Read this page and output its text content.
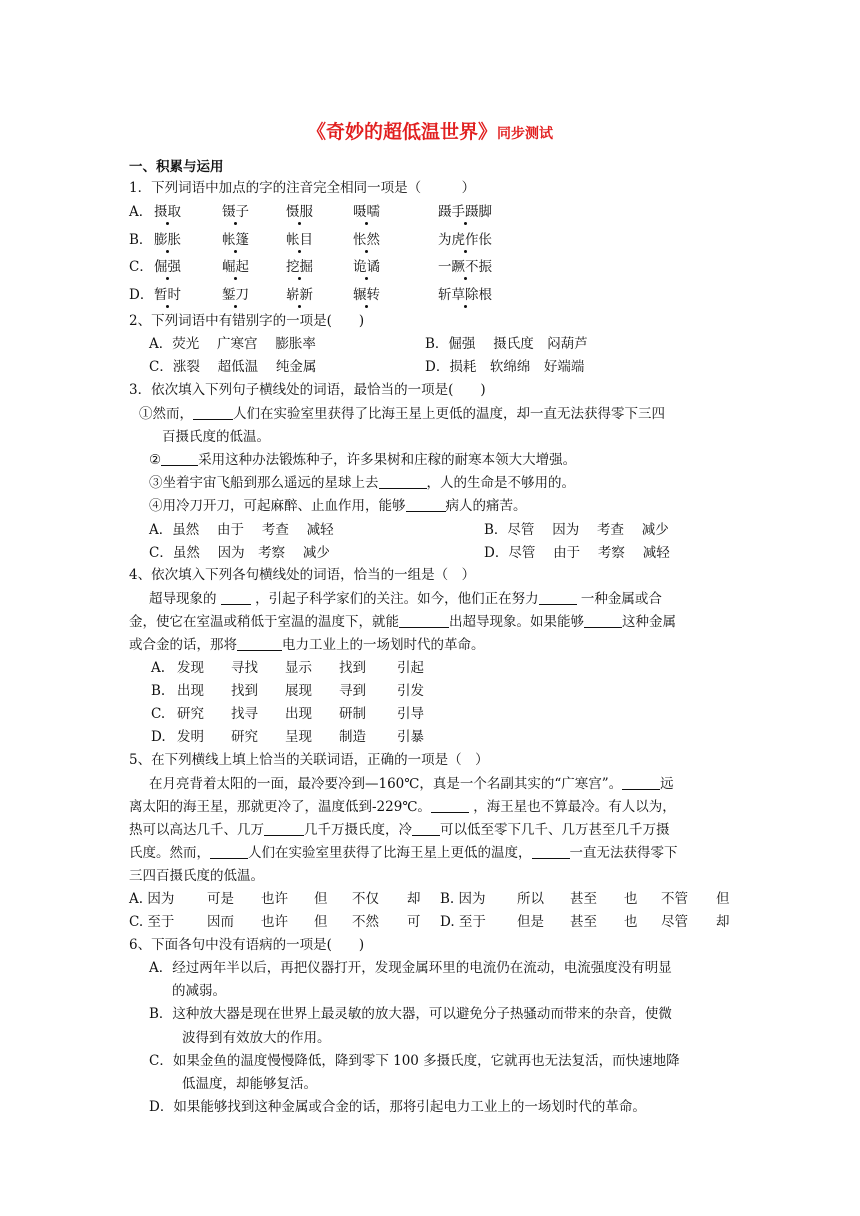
《奇妙的超低温世界》同步测试
一、积累与运用
1．下列词语中加点的字的注音完全相同一项是（　　　）
A． 摄取	镊子	慑服	嗫嚅	蹑手蹑脚
B． 膨胀	帐篷	帐目	怅然	为虎作伥
C． 倔强	崛起	挖掘	诡谲	一蹶不振
D． 暂时	錾刀	崭新	辗转	斩草除根
2、下列词语中有错别字的一项是(　　)
A．荧光　 广寒宫　 膨胀率	B．倔强　 摄氏度　闷葫芦
C．涨裂　 超低温　 纯金属	D．损耗　软绵绵　好端端
3．依次填入下列句子横线处的词语，最恰当的一项是(　　)
①然而，	人们在实验室里获得了比海王星上更低的温度，却一直无法获得零下三四
百摄氏度的低温。
②	采用这种办法锻炼种子，许多果树和庄稼的耐寒本领大大增强。
③坐着宇宙飞船到那么遥远的星球上去	，人的生命是不够用的。
④用冷刀开刀，可起麻醉、止血作用，能够	病人的痛苦。
A．虽然　 由于　 考查　 减轻	B．尽管　 因为　 考查　 减少
C．虽然　 因为　考察　 减少	D．尽管　 由于　 考察　 减轻
4、依次填入下列各句横线处的词语，恰当的一组是（　）
超导现象的  ，引起子科学家们的关注。如今，他们正在努力	一种金属或合
金，使它在室温或稍低于室温的温度下，就能	出超导现象。如果能够	这种金属
或合金的话，那将	电力工业上的一场划时代的革命。
A. 发现	寻找	显示	找到	引起
B. 出现	找到	展现	寻到	引发
C. 研究	找寻	出现	研制	引导
D. 发明	研究	呈现	制造	引暴
5、在下列横线上填上恰当的关联词语，正确的一项是（　）
在月亮背着太阳的一面，最冷要冷到—160℃，真是一个名副其实的“广寒宫”。	远
离太阳的海王星，那就更冷了，温度低到-229℃。	，海王星也不算最冷。有人以为，
热可以高达几千、几万	几千万摄氏度，冷 可以低至零下几千、几万甚至几千万摄
氏度。然而，	人们在实验室里获得了比海王星上更低的温度，	一直无法获得零下
三四百摄氏度的低温。
A. 因为	可是	也许	但	不仅	却	B. 因为	所以	甚至	也	不管	但
C. 至于	因而	也许	但	不然	可	D. 至于	但是	甚至	也	尽管	却
6、下面各句中没有语病的一项是(　　)
A．经过两年半以后，再把仪器打开，发现金属环里的电流仍在流动，电流强度没有明显
的减弱。
B．这种放大器是现在世界上最灵敏的放大器，可以避免分子热骚动而带来的杂音，使微
波得到有效放大的作用。
C．如果金鱼的温度慢慢降低，降到零下 100 多摄氏度，它就再也无法复活，而快速地降
低温度，却能够复活。
D．如果能够找到这种金属或合金的话，那将引起电力工业上的一场划时代的革命。
